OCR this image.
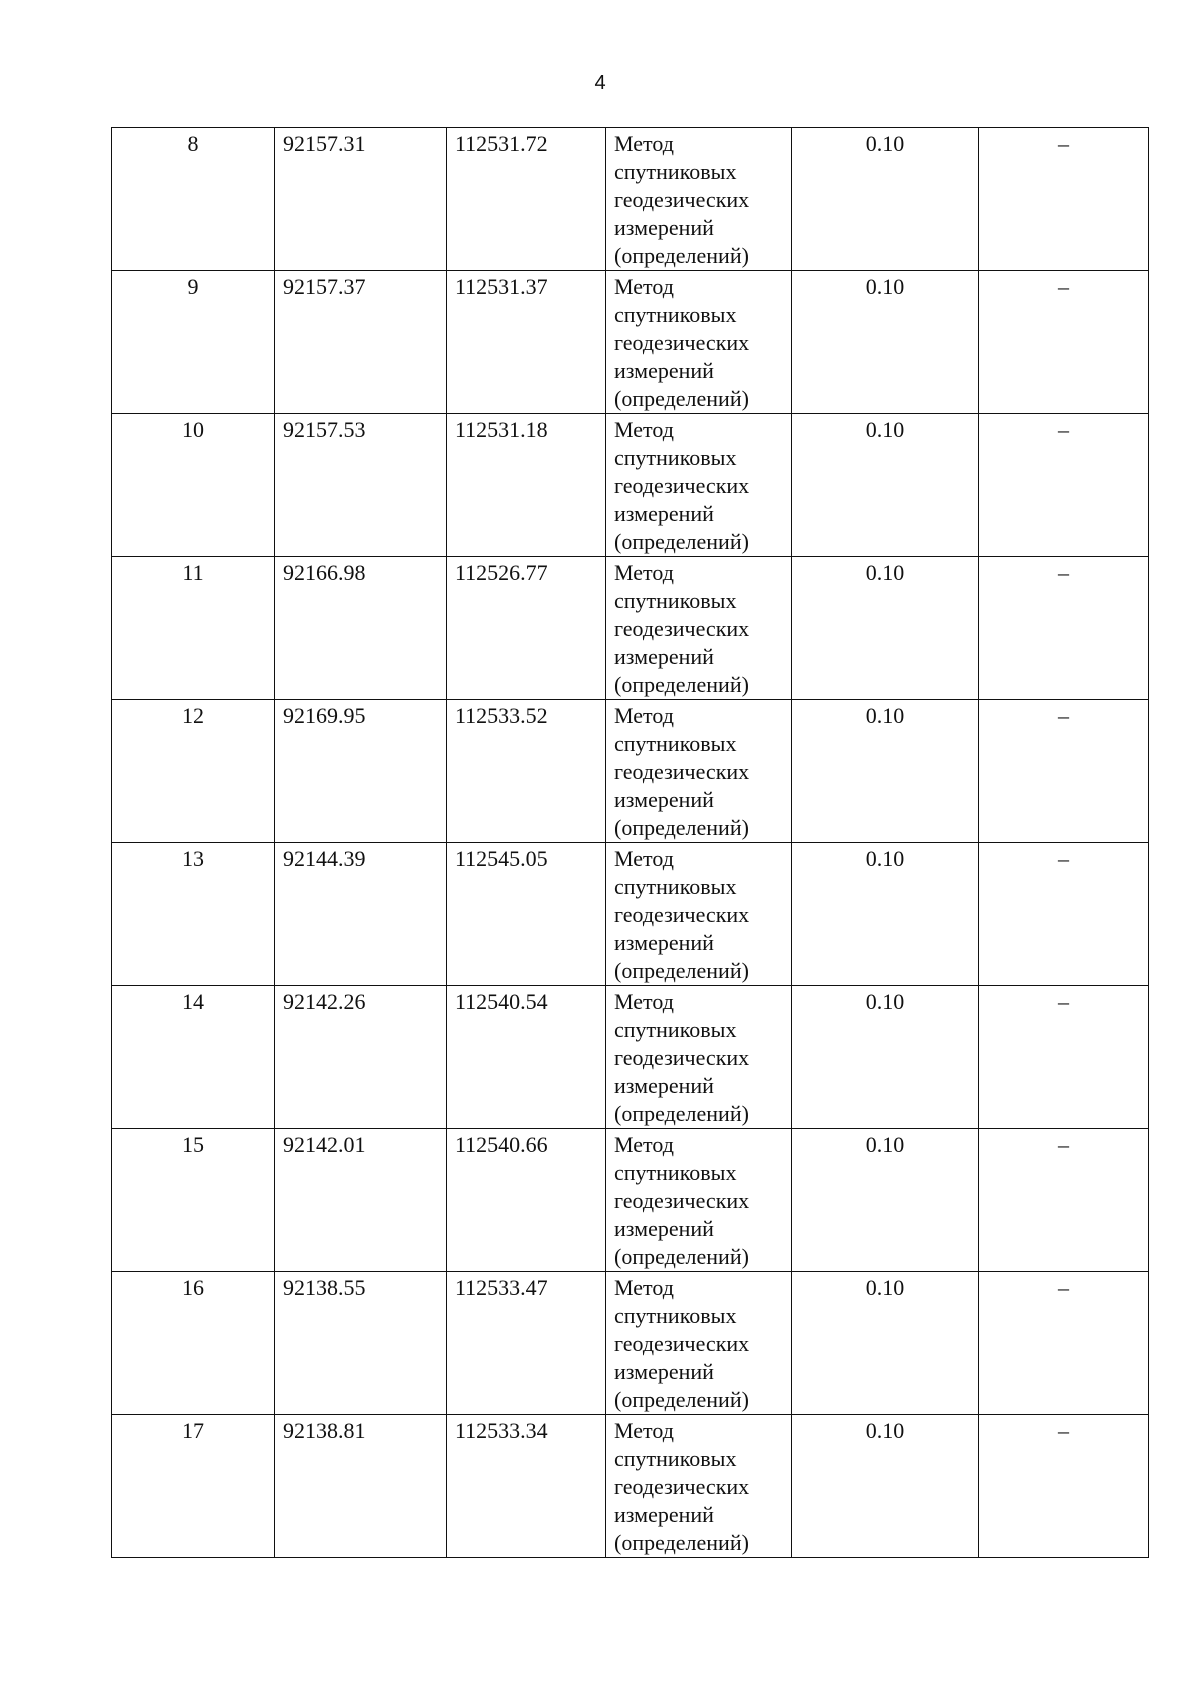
4
8	92157.31	112531.72	Метод
спутниковых
геодезических
измерений
(определений)	0.10	–
9	92157.37	112531.37	Метод
спутниковых
геодезических
измерений
(определений)	0.10	–
10	92157.53	112531.18	Метод
спутниковых
геодезических
измерений
(определений)	0.10	–
11	92166.98	112526.77	Метод
спутниковых
геодезических
измерений
(определений)	0.10	–
12	92169.95	112533.52	Метод
спутниковых
геодезических
измерений
(определений)	0.10	–
13	92144.39	112545.05	Метод
спутниковых
геодезических
измерений
(определений)	0.10	–
14	92142.26	112540.54	Метод
спутниковых
геодезических
измерений
(определений)	0.10	–
15	92142.01	112540.66	Метод
спутниковых
геодезических
измерений
(определений)	0.10	–
16	92138.55	112533.47	Метод
спутниковых
геодезических
измерений
(определений)	0.10	–
17	92138.81	112533.34	Метод
спутниковых
геодезических
измерений
(определений)	0.10	–
